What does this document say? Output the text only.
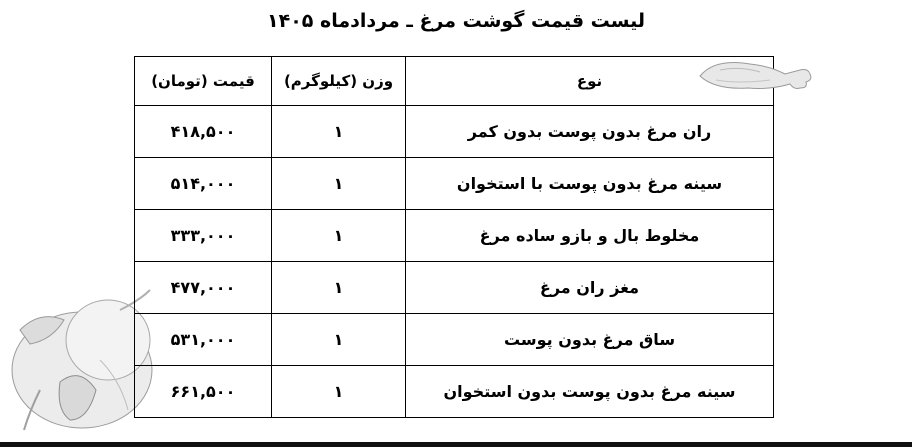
لیست قیمت گوشت مرغ ـ مردادماه ۱۴۰۵
نوع	وزن (کیلوگرم)	قیمت (تومان)
ران مرغ بدون پوست بدون کمر	۱	۴۱۸,۵۰۰
سینه مرغ بدون پوست با استخوان	۱	۵۱۴,۰۰۰
مخلوط بال و بازو ساده مرغ	۱	۳۳۳,۰۰۰
مغز ران مرغ	۱	۴۷۷,۰۰۰
ساق مرغ بدون پوست	۱	۵۳۱,۰۰۰
سینه مرغ بدون پوست بدون استخوان	۱	۶۶۱,۵۰۰
